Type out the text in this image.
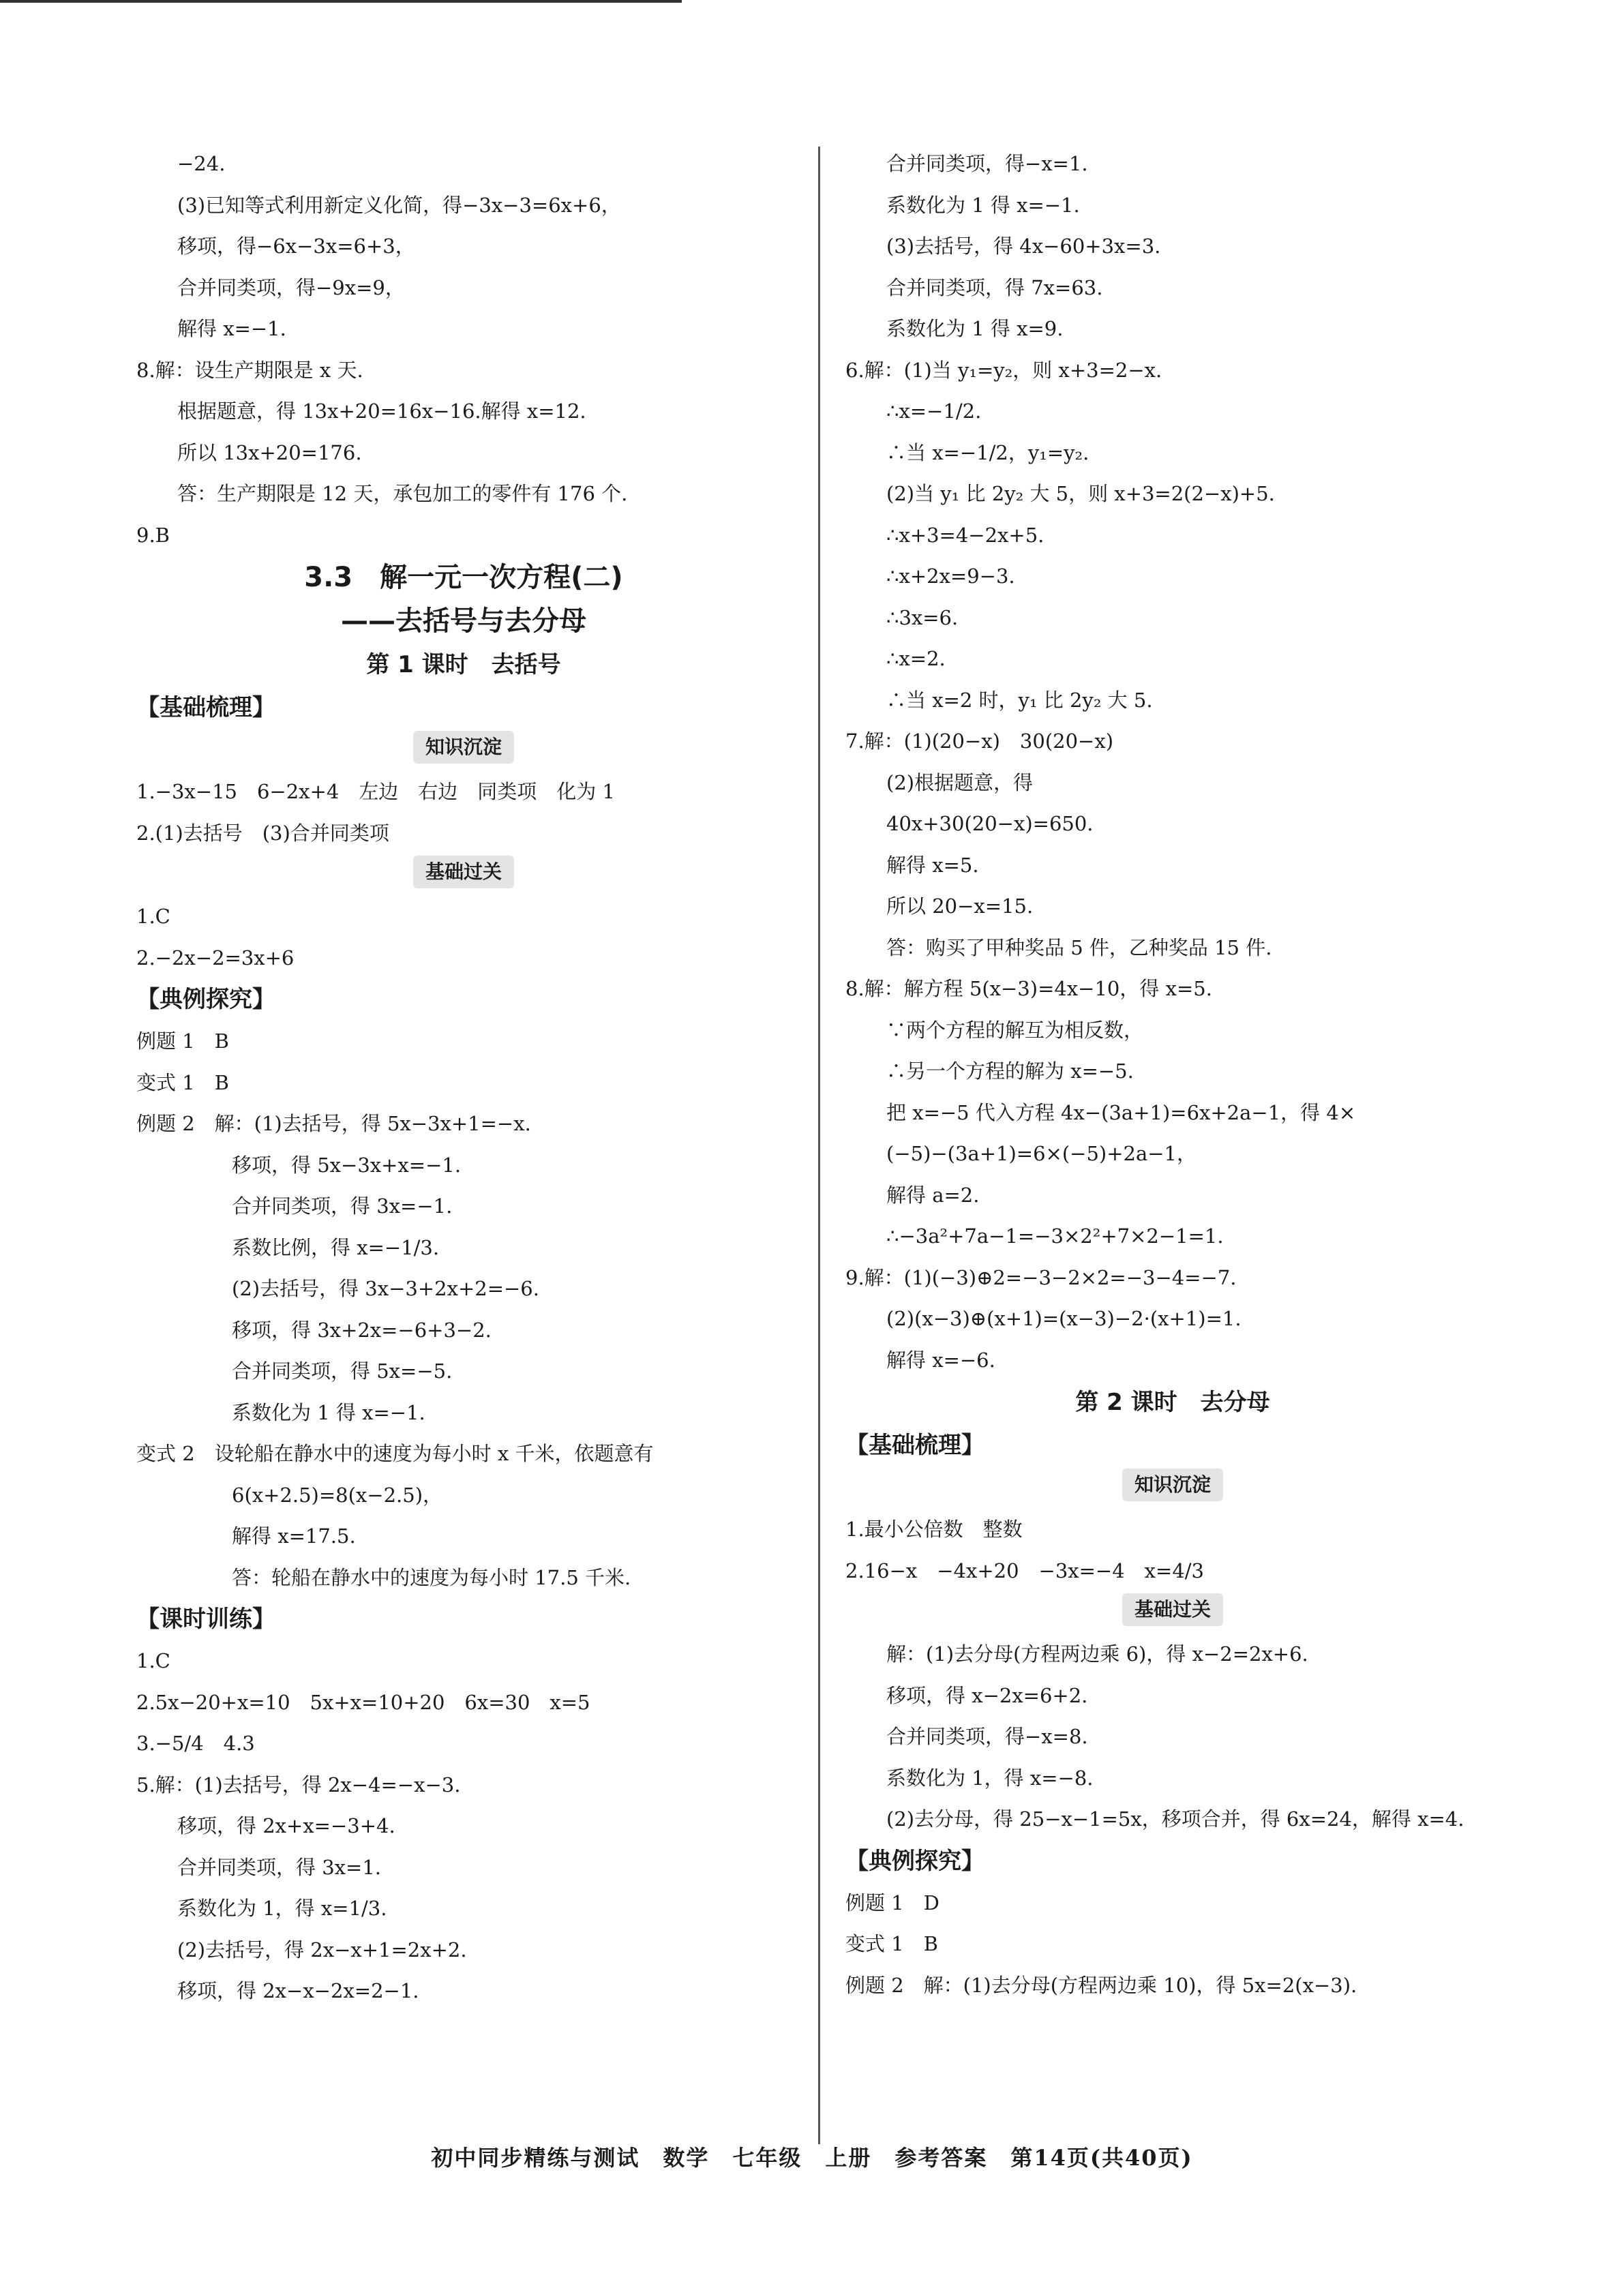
−24.
(3)已知等式利用新定义化简，得−3x−3=6x+6，
移项，得−6x−3x=6+3，
合并同类项，得−9x=9，
解得 x=−1.
8.解：设生产期限是 x 天.
根据题意，得 13x+20=16x−16.解得 x=12.
所以 13x+20=176.
答：生产期限是 12 天，承包加工的零件有 176 个.
9.B
3.3　解一元一次方程(二)
——去括号与去分母
第 1 课时　去括号
【基础梳理】
知识沉淀
1.−3x−15　6−2x+4　左边　右边　同类项　化为 1
2.(1)去括号　(3)合并同类项
基础过关
1.C
2.−2x−2=3x+6
【典例探究】
例题 1　B
变式 1　B
例题 2　解：(1)去括号，得 5x−3x+1=−x.
移项，得 5x−3x+x=−1.
合并同类项，得 3x=−1.
系数比例，得 x=−1/3.
(2)去括号，得 3x−3+2x+2=−6.
移项，得 3x+2x=−6+3−2.
合并同类项，得 5x=−5.
系数化为 1 得 x=−1.
变式 2　设轮船在静水中的速度为每小时 x 千米，依题意有
6(x+2.5)=8(x−2.5)，
解得 x=17.5.
答：轮船在静水中的速度为每小时 17.5 千米.
【课时训练】
1.C
2.5x−20+x=10　5x+x=10+20　6x=30　x=5
3.−5/4　4.3
5.解：(1)去括号，得 2x−4=−x−3.
移项，得 2x+x=−3+4.
合并同类项，得 3x=1.
系数化为 1，得 x=1/3.
(2)去括号，得 2x−x+1=2x+2.
移项，得 2x−x−2x=2−1.
合并同类项，得−x=1.
系数化为 1 得 x=−1.
(3)去括号，得 4x−60+3x=3.
合并同类项，得 7x=63.
系数化为 1 得 x=9.
6.解：(1)当 y₁=y₂，则 x+3=2−x.
∴x=−1/2.
∴当 x=−1/2，y₁=y₂.
(2)当 y₁ 比 2y₂ 大 5，则 x+3=2(2−x)+5.
∴x+3=4−2x+5.
∴x+2x=9−3.
∴3x=6.
∴x=2.
∴当 x=2 时，y₁ 比 2y₂ 大 5.
7.解：(1)(20−x)　30(20−x)
(2)根据题意，得
40x+30(20−x)=650.
解得 x=5.
所以 20−x=15.
答：购买了甲种奖品 5 件，乙种奖品 15 件.
8.解：解方程 5(x−3)=4x−10，得 x=5.
∵两个方程的解互为相反数，
∴另一个方程的解为 x=−5.
把 x=−5 代入方程 4x−(3a+1)=6x+2a−1，得 4×
(−5)−(3a+1)=6×(−5)+2a−1，
解得 a=2.
∴−3a²+7a−1=−3×2²+7×2−1=1.
9.解：(1)(−3)⊕2=−3−2×2=−3−4=−7.
(2)(x−3)⊕(x+1)=(x−3)−2·(x+1)=1.
解得 x=−6.
第 2 课时　去分母
【基础梳理】
知识沉淀
1.最小公倍数　整数
2.16−x　−4x+20　−3x=−4　x=4/3
基础过关
解：(1)去分母(方程两边乘 6)，得 x−2=2x+6.
移项，得 x−2x=6+2.
合并同类项，得−x=8.
系数化为 1，得 x=−8.
(2)去分母，得 25−x−1=5x，移项合并，得 6x=24，解得 x=4.
【典例探究】
例题 1　D
变式 1　B
例题 2　解：(1)去分母(方程两边乘 10)，得 5x=2(x−3).
初中同步精练与测试　数学　七年级　上册　参考答案　第14页(共40页)
